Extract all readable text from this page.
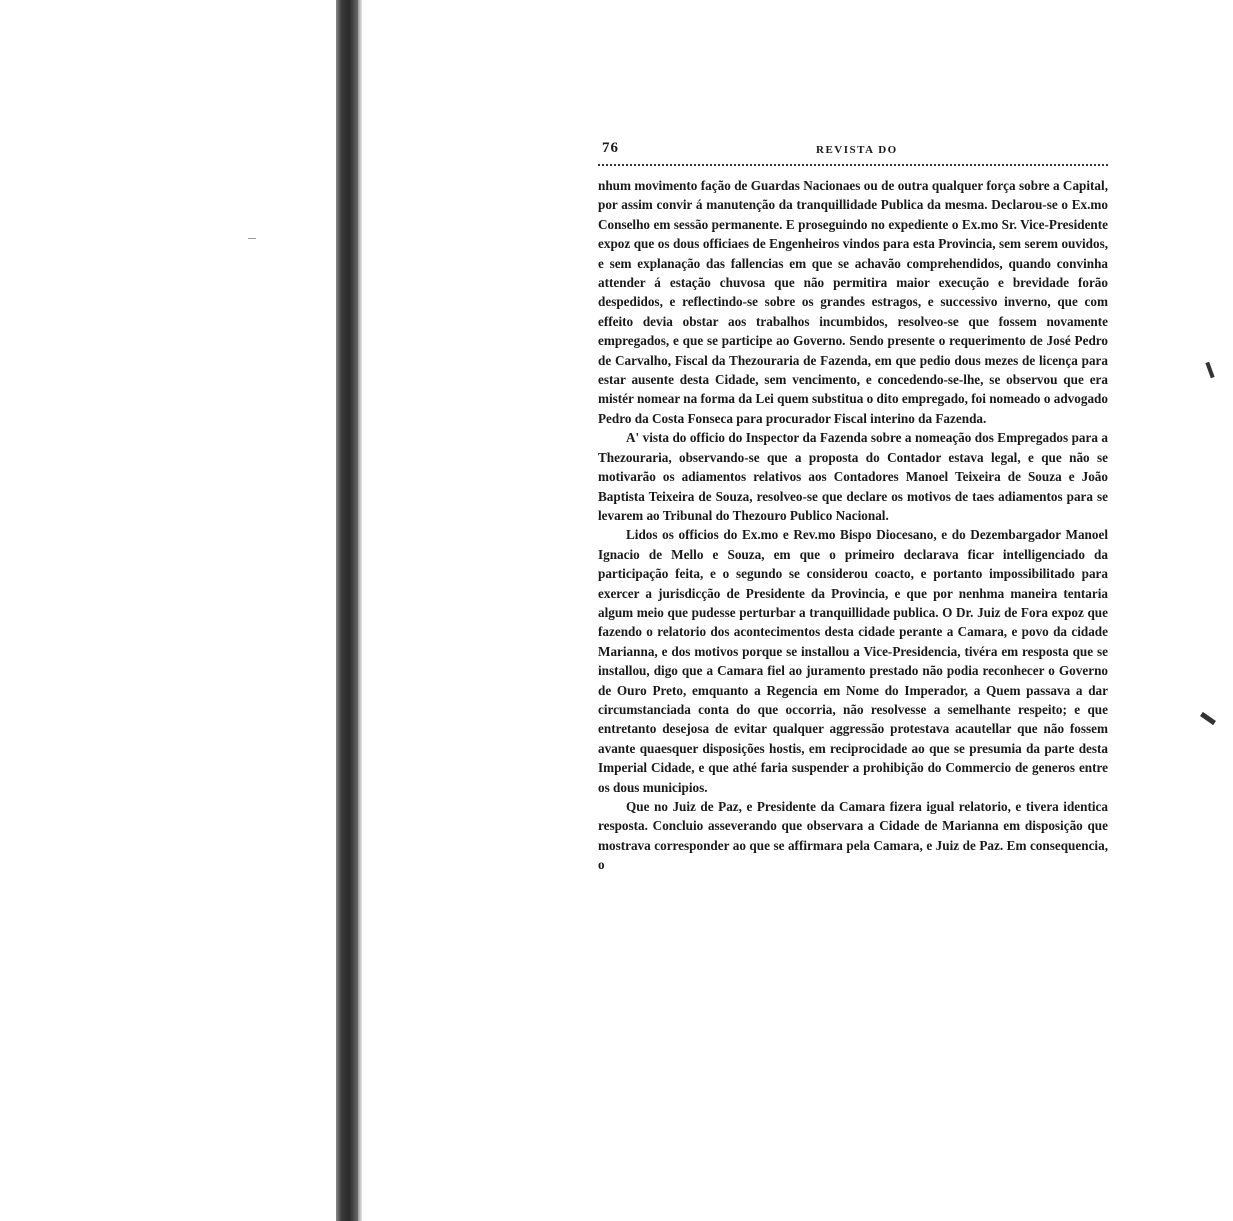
76	REVISTA DO

nhum movimento fação de Guardas Nacionaes ou de outra qualquer força sobre a Capital, por assim convir á manutenção da tranquillidade Publica da mesma. Declarou-se o Ex.mo Conselho em sessão permanente. E proseguindo no expediente o Ex.mo Sr. Vice-Presidente expoz que os dous officiaes de Engenheiros vindos para esta Provincia, sem serem ouvidos, e sem explanação das fallencias em que se achavão comprehendidos, quando convinha attender á estação chuvosa que não permitira maior execução e brevidade forão despedidos, e reflectindo-se sobre os grandes estragos, e successivo inverno, que com effeito devia obstar aos trabalhos incumbidos, resolveo-se que fossem novamente empregados, e que se participe ao Governo. Sendo presente o requerimento de José Pedro de Carvalho, Fiscal da Thezouraria de Fazenda, em que pedio dous mezes de licença para estar ausente desta Cidade, sem vencimento, e concedendo-se-lhe, se observou que era mistér nomear na forma da Lei quem substitua o dito empregado, foi nomeado o advogado Pedro da Costa Fonseca para procurador Fiscal interino da Fazenda.

A' vista do officio do Inspector da Fazenda sobre a nomeação dos Empregados para a Thezouraria, observando-se que a proposta do Contador estava legal, e que não se motivarão os adiamentos relativos aos Contadores Manoel Teixeira de Souza e João Baptista Teixeira de Souza, resolveo-se que declare os motivos de taes adiamentos para se levarem ao Tribunal do Thezouro Publico Nacional.

Lidos os officios do Ex.mo e Rev.mo Bispo Diocesano, e do Dezembargador Manoel Ignacio de Mello e Souza, em que o primeiro declarava ficar intelligenciado da participação feita, e o segundo se considerou coacto, e portanto impossibilitado para exercer a jurisdicção de Presidente da Provincia, e que por nenhma maneira tentaria algum meio que pudesse perturbar a tranquillidade publica. O Dr. Juiz de Fora expoz que fazendo o relatorio dos acontecimentos desta cidade perante a Camara, e povo da cidade Marianna, e dos motivos porque se installou a Vice-Presidencia, tivéra em resposta que se installou, digo que a Camara fiel ao juramento prestado não podia reconhecer o Governo de Ouro Preto, emquanto a Regencia em Nome do Imperador, a Quem passava a dar circumstanciada conta do que occorria, não resolvesse a semelhante respeito; e que entretanto desejosa de evitar qualquer aggressão protestava acautellar que não fossem avante quaesquer disposições hostis, em reciprocidade ao que se presumia da parte desta Imperial Cidade, e que athé faria suspender a prohibição do Commercio de generos entre os dous municipios.

Que no Juiz de Paz, e Presidente da Camara fizera igual relatorio, e tivera identica resposta. Concluio asseverando que observara a Cidade de Marianna em disposição que mostrava corresponder ao que se affirmara pela Camara, e Juiz de Paz. Em consequencia, o
